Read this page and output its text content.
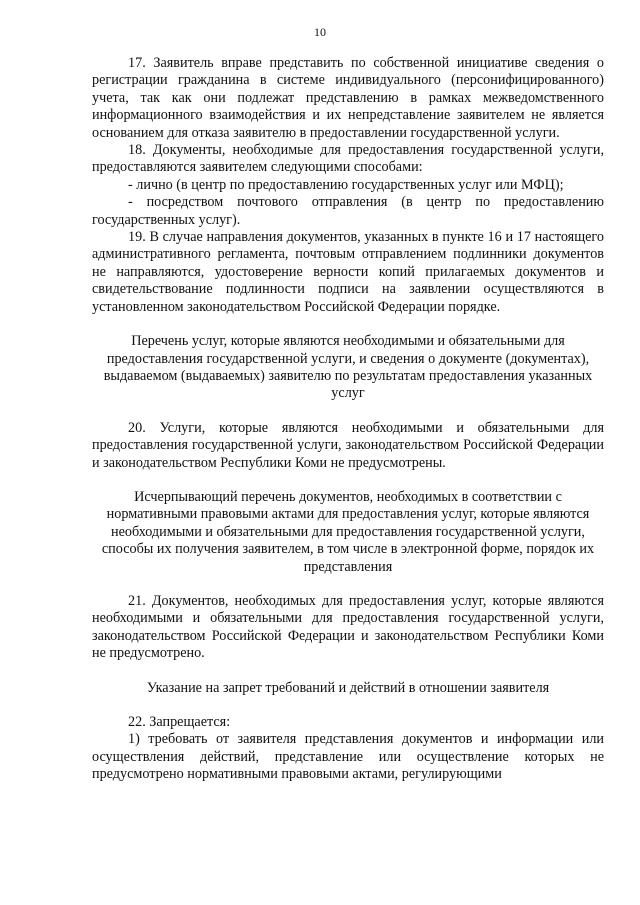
10

17. Заявитель вправе представить по собственной инициативе сведения о регистрации гражданина в системе индивидуального (персонифицированного) учета, так как они подлежат представлению в рамках межведомственного информационного взаимодействия и их непредставление заявителем не является основанием для отказа заявителю в предоставлении государственной услуги.

18. Документы, необходимые для предоставления государственной услуги, предоставляются заявителем следующими способами:

- лично (в центр по предоставлению государственных услуг или МФЦ);

- посредством почтового отправления (в центр по предоставлению государственных услуг).

19. В случае направления документов, указанных в пункте 16 и 17 настоящего административного регламента, почтовым отправлением подлинники документов не направляются, удостоверение верности копий прилагаемых документов и свидетельствование подлинности подписи на заявлении осуществляются в установленном законодательством Российской Федерации порядке.

Перечень услуг, которые являются необходимыми и обязательными для предоставления государственной услуги, и сведения о документе (документах), выдаваемом (выдаваемых) заявителю по результатам предоставления указанных услуг

20. Услуги, которые являются необходимыми и обязательными для предоставления государственной услуги, законодательством Российской Федерации и законодательством Республики Коми не предусмотрены.

Исчерпывающий перечень документов, необходимых в соответствии с нормативными правовыми актами для предоставления услуг, которые являются необходимыми и обязательными для предоставления государственной услуги, способы их получения заявителем, в том числе в электронной форме, порядок их представления

21. Документов, необходимых для предоставления услуг, которые являются необходимыми и обязательными для предоставления государственной услуги, законодательством Российской Федерации и законодательством Республики Коми не предусмотрено.

Указание на запрет требований и действий в отношении заявителя

22. Запрещается:

1) требовать от заявителя представления документов и информации или осуществления действий, представление или осуществление которых не предусмотрено нормативными правовыми актами, регулирующими
